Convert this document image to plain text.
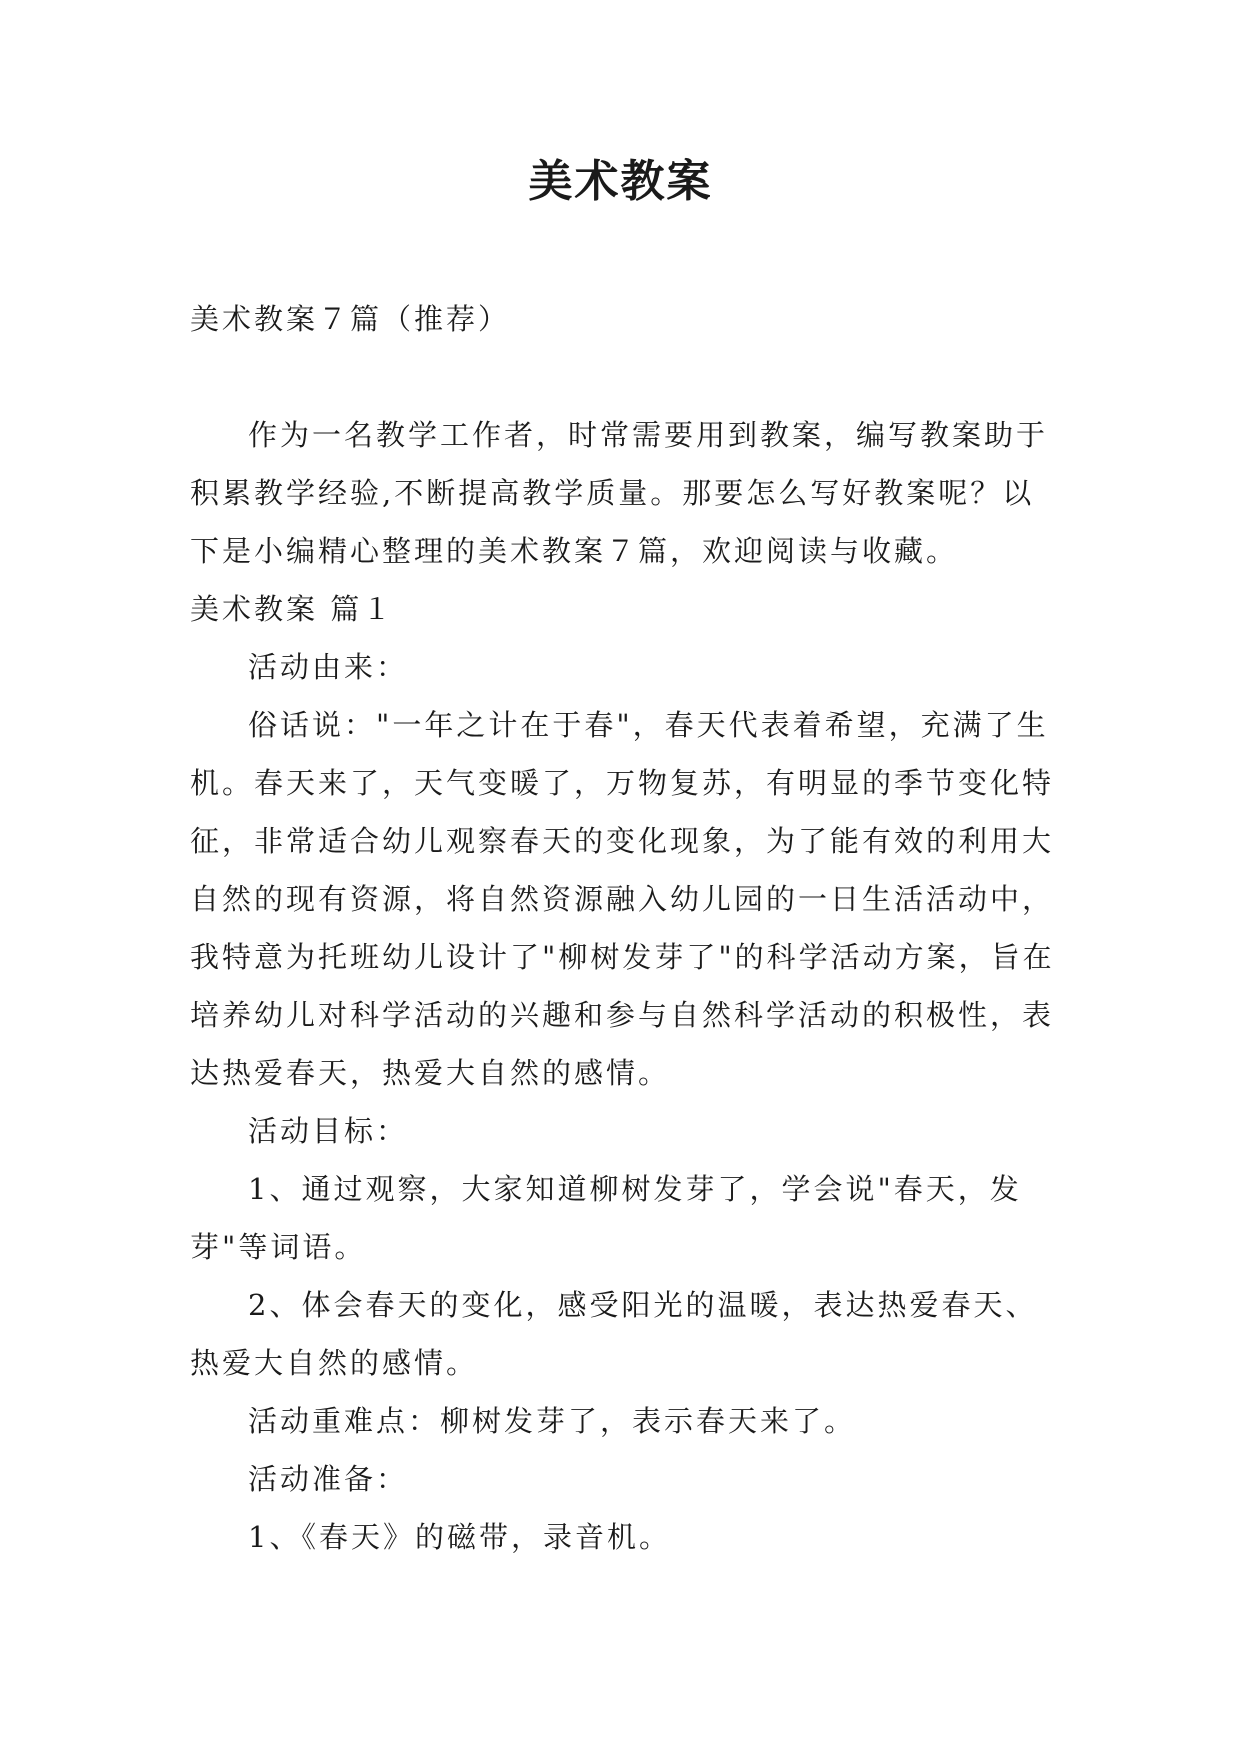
美术教案

美术教案７篇（推荐）

作为一名教学工作者，时常需要用到教案，编写教案助于积累教学经验,不断提高教学质量。那要怎么写好教案呢？以下是小编精心整理的美术教案７篇，欢迎阅读与收藏。

美术教案 篇１

活动由来：

俗话说："一年之计在于春"，春天代表着希望，充满了生机。春天来了，天气变暖了，万物复苏，有明显的季节变化特征，非常适合幼儿观察春天的变化现象，为了能有效的利用大自然的现有资源，将自然资源融入幼儿园的一日生活活动中，我特意为托班幼儿设计了"柳树发芽了"的科学活动方案，旨在培养幼儿对科学活动的兴趣和参与自然科学活动的积极性，表达热爱春天，热爱大自然的感情。

活动目标：

1、通过观察，大家知道柳树发芽了，学会说"春天，发芽"等词语。

2、体会春天的变化，感受阳光的温暖，表达热爱春天、热爱大自然的感情。

活动重难点：柳树发芽了，表示春天来了。

活动准备：

1、《春天》的磁带，录音机。
